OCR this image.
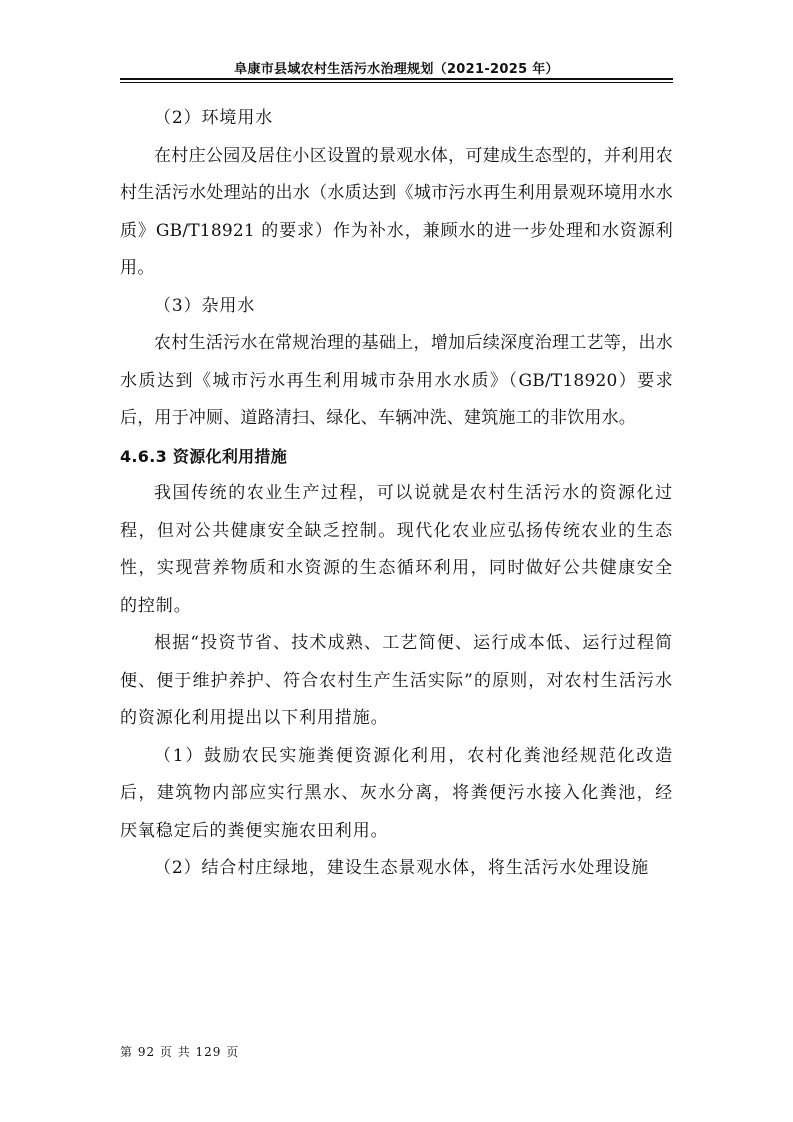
阜康市县域农村生活污水治理规划（2021-2025 年）

（2）环境用水

在村庄公园及居住小区设置的景观水体，可建成生态型的，并利用农村生活污水处理站的出水（水质达到《城市污水再生利用景观环境用水水质》GB/T18921 的要求）作为补水，兼顾水的进一步处理和水资源利用。

（3）杂用水

农村生活污水在常规治理的基础上，增加后续深度治理工艺等，出水水质达到《城市污水再生利用城市杂用水水质》（GB/T18920）要求后，用于冲厕、道路清扫、绿化、车辆冲洗、建筑施工的非饮用水。

4.6.3 资源化利用措施

我国传统的农业生产过程，可以说就是农村生活污水的资源化过程，但对公共健康安全缺乏控制。现代化农业应弘扬传统农业的生态性，实现营养物质和水资源的生态循环利用，同时做好公共健康安全的控制。

根据“投资节省、技术成熟、工艺简便、运行成本低、运行过程简便、便于维护养护、符合农村生产生活实际”的原则，对农村生活污水的资源化利用提出以下利用措施。

（1）鼓励农民实施粪便资源化利用，农村化粪池经规范化改造后，建筑物内部应实行黑水、灰水分离，将粪便污水接入化粪池，经厌氧稳定后的粪便实施农田利用。

（2）结合村庄绿地，建设生态景观水体，将生活污水处理设施

第 92 页 共 129 页
